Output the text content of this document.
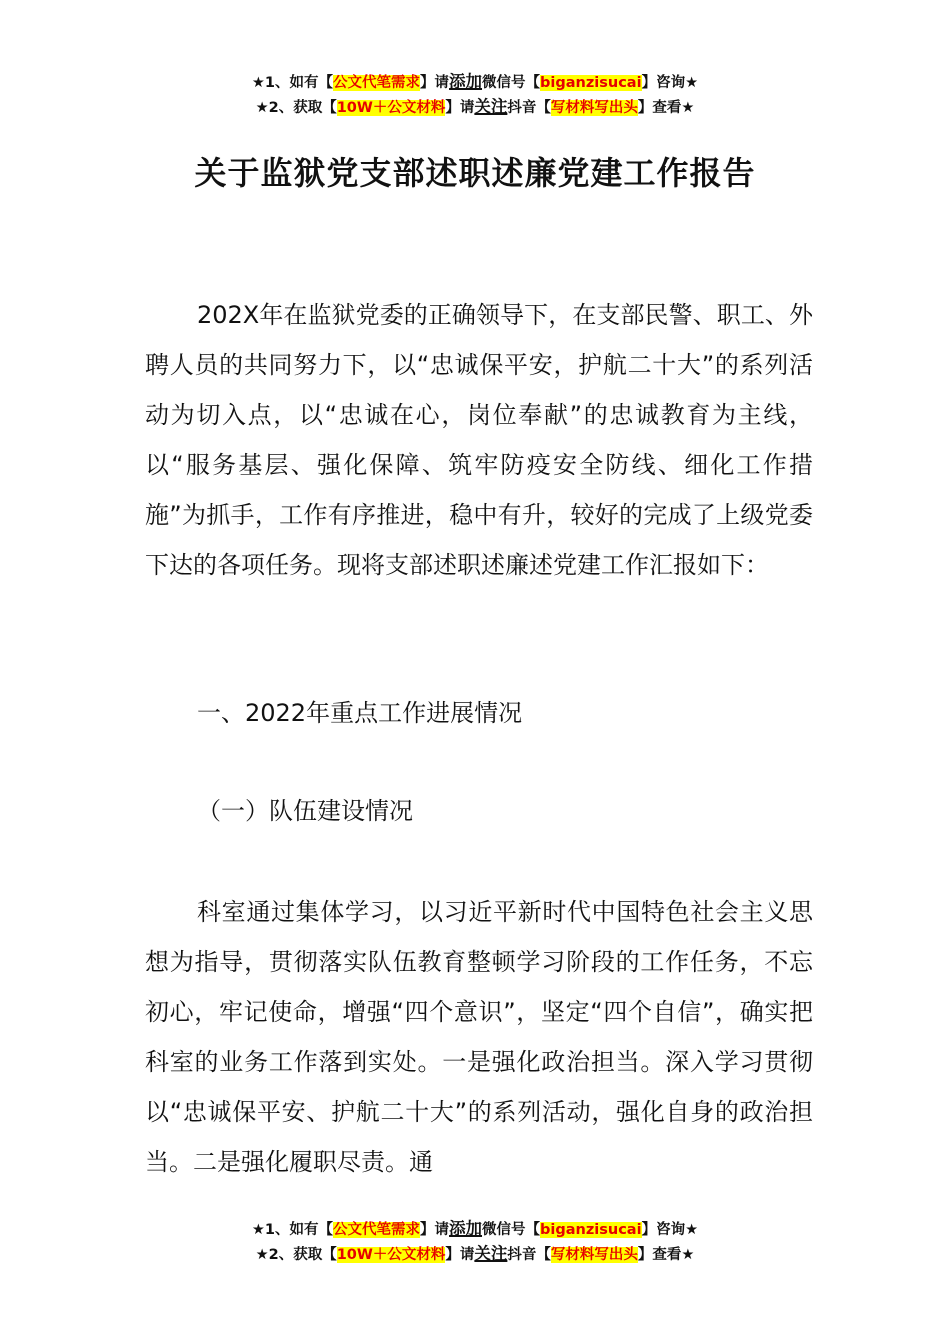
★1、如有【公文代笔需求】请添加微信号【biganzisucai】咨询★
★2、获取【10W＋公文材料】请关注抖音【写材料写出头】查看★
关于监狱党支部述职述廉党建工作报告

202X年在监狱党委的正确领导下，在支部民警、职工、外聘人员的共同努力下，以“忠诚保平安，护航二十大”的系列活动为切入点，以“忠诚在心，岗位奉献”的忠诚教育为主线，以“服务基层、强化保障、筑牢防疫安全防线、细化工作措施”为抓手，工作有序推进，稳中有升，较好的完成了上级党委下达的各项任务。现将支部述职述廉述党建工作汇报如下：

一、2022年重点工作进展情况

（一）队伍建设情况

科室通过集体学习，以习近平新时代中国特色社会主义思想为指导，贯彻落实队伍教育整顿学习阶段的工作任务，不忘初心，牢记使命，增强“四个意识”，坚定“四个自信”，确实把科室的业务工作落到实处。一是强化政治担当。深入学习贯彻以“忠诚保平安、护航二十大”的系列活动，强化自身的政治担当。二是强化履职尽责。通

★1、如有【公文代笔需求】请添加微信号【biganzisucai】咨询★
★2、获取【10W＋公文材料】请关注抖音【写材料写出头】查看★
